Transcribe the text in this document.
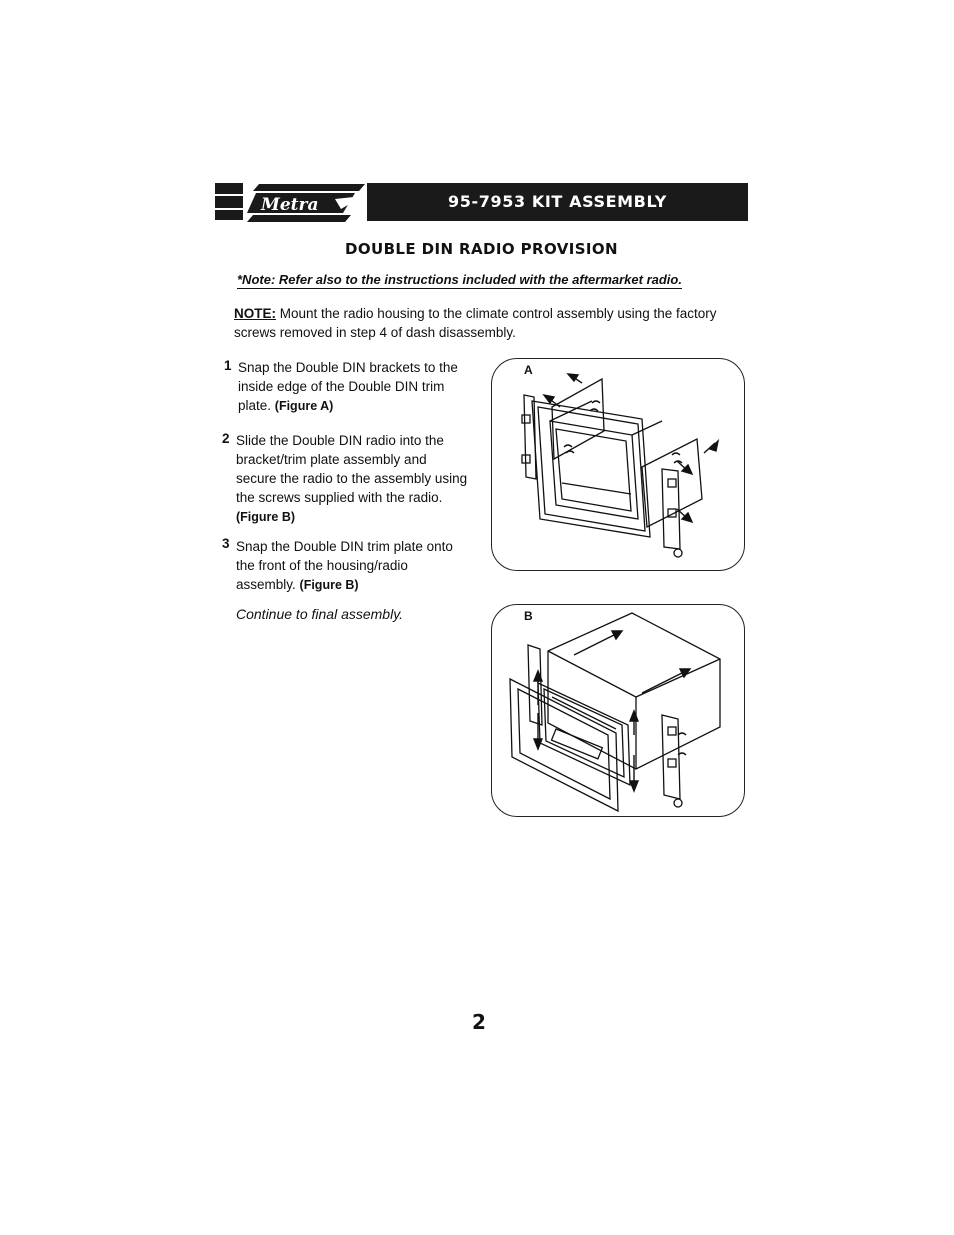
Metra	95-7953 KIT ASSEMBLY
DOUBLE DIN RADIO PROVISION
*Note: Refer also to the instructions included with the aftermarket radio.
NOTE: Mount the radio housing to the climate control assembly using the factory screws removed in step 4 of dash disassembly.
1 Snap the Double DIN brackets to the inside edge of the Double DIN trim plate. (Figure A)
2 Slide the Double DIN radio into the bracket/trim plate assembly and secure the radio to the assembly using the screws supplied with the radio. (Figure B)
3 Snap the Double DIN trim plate onto the front of the housing/radio assembly. (Figure B)
Continue to final assembly.
A
B
2
